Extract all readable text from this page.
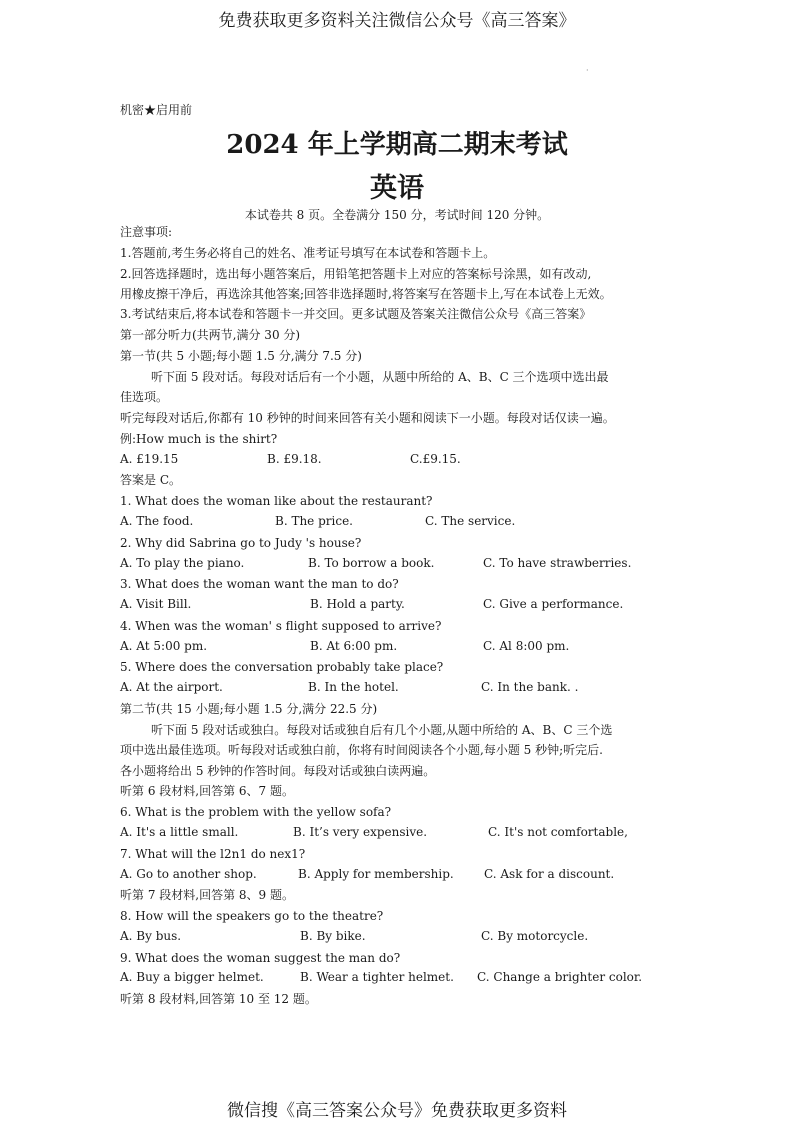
免费获取更多资料关注微信公众号《高三答案》
·
机密★启用前
2024 年上学期高二期末考试
英语
本试卷共 8 页。全卷满分 150 分，考试时间 120 分钟。
注意事项:
1.答题前,考生务必将自己的姓名、准考证号填写在本试卷和答题卡上。
2.回答选择题时，选出每小题答案后，用铅笔把答题卡上对应的答案标号涂黑，如有改动,
用橡皮擦干净后，再选涂其他答案;回答非选择题时,将答案写在答题卡上,写在本试卷上无效。
3.考试结束后,将本试卷和答题卡一并交回。更多试题及答案关注微信公众号《高三答案》
第一部分听力(共两节,满分 30 分)
第一节(共 5 小题;每小题 1.5 分,满分 7.5 分)
听下面 5 段对话。每段对话后有一个小题，从题中所给的 A、B、C 三个选项中选出最
佳选项。
听完每段对话后,你都有 10 秒钟的时间来回答有关小题和阅读下一小题。每段对话仅读一遍。
例:How much is the shirt?
A. £19.15	B. £9.18.	C.£9.15.
答案是 C。
1. What does the woman like about the restaurant?
A. The food.	B. The price.	C. The service.
2. Why did Sabrina go to Judy 's house?
A. To play the piano.	B. To borrow a book.	C. To have strawberries.
3. What does the woman want the man to do?
A. Visit Bill.	B. Hold a party.	C. Give a performance.
4. When was the woman' s flight supposed to arrive?
A. At 5:00 pm.	B. At 6:00 pm.	C. Al 8:00 pm.
5. Where does the conversation probably take place?
A. At the airport.	B. In the hotel.	C. In the bank. .
第二节(共 15 小题;每小题 1.5 分,满分 22.5 分)
听下面 5 段对话或独白。每段对话或独自后有几个小题,从题中所给的 A、B、C 三个选
项中选出最佳选项。听每段对话或独白前，你将有时间阅读各个小题,每小题 5 秒钟;听完后.
各小题将给出 5 秒钟的作答时间。每段对话或独白读两遍。
听第 6 段材料,回答第 6、7 题。
6. What is the problem with the yellow sofa?
A. It's a little small.	B. It’s very expensive.	C. It's not comfortable,
7. What will the l2n1 do nex1?
A. Go to another shop.	B. Apply for membership.	C. Ask for a discount.
听第 7 段材料,回答第 8、9 题。
8. How will the speakers go to the theatre?
A. By bus.	B. By bike.	C. By motorcycle.
9. What does the woman suggest the man do?
A. Buy a bigger helmet.	B. Wear a tighter helmet. C. Change a brighter color.
听第 8 段材料,回答第 10 至 12 题。
微信搜《高三答案公众号》免费获取更多资料
